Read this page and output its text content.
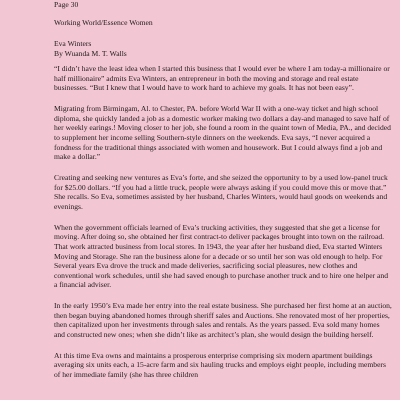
Page 30

Working World/Essence Women

Eva Winters

By Wuanda M. T. Walls

“I didn’t have the least idea when I started this business that I would ever be where I am today-a millionaire or half millionaire” admits Eva Winters, an entrepreneur in both the moving and storage and real estate businesses. “But I knew that I would have to work hard to achieve my goals. It has not been easy”.

Migrating from Birmingam, Al. to Chester, PA. before World War II with a one-way ticket and high school diploma, she quickly landed a job as a domestic worker making two dollars a day-and managed to save half of her weekly earings.! Moving closer to her job, she found a room in the quaint town of Media, PA., and decided to supplement her income selling Southern-style dinners on the weekends. Eva says, “I never acquired a fondness for the traditional things associated with women and housework. But I could always find a job and make a dollar.”

Creating and seeking new ventures as Eva’s forte, and she seized the opportunity to by a used low-panel truck for $25.00 dollars. “If you had a little truck, people were always asking if you could move this or move that.” She recalls. So Eva, sometimes assisted by her husband, Charles Winters, would haul goods on weekends and evenings.

When the government officials learned of Eva’s trucking activities, they suggested that she get a license for moving. After doing so, she obtained her first contract-to deliver packages brought into town on the railroad. That work attracted business from local stores. In 1943, the year after her husband died, Eva started Winters Moving and Storage. She ran the business alone for a decade or so until her son was old enough to help. For Several years Eva drove the truck and made deliveries, sacrificing social pleasures, new clothes and conventional work schedules, until she had saved enough to purchase another truck and to hire one helper and a financial adviser.

In the early 1950’s Eva made her entry into the real estate business. She purchased her first home at an auction, then began buying abandoned homes through sheriff sales and Auctions. She renovated most of her properties, then capitalized upon her investments through sales and rentals. As the years passed. Eva sold many homes and constructed new ones; when she didn’t like as architect’s plan, she would design the building herself.

At this time Eva owns and maintains a prosperous enterprise comprising six modern apartment buildings averaging six units each, a 15-acre farm and six hauling trucks and employs eight people, including members of her immediate family (she has three children
